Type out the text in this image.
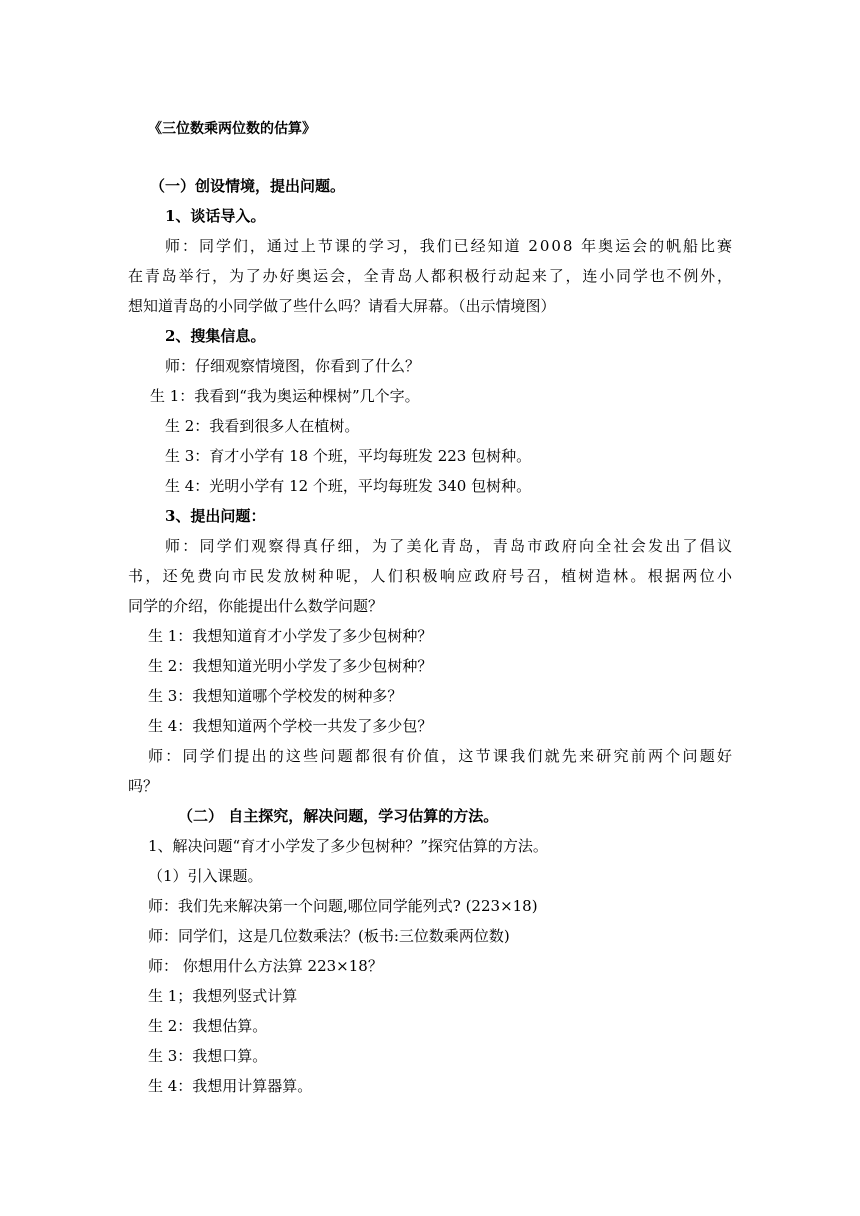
《三位数乘两位数的估算》
（一）创设情境，提出问题。
1、谈话导入。
师：同学们，通过上节课的学习，我们已经知道 2008 年奥运会的帆船比赛
在青岛举行，为了办好奥运会，全青岛人都积极行动起来了，连小同学也不例外，
想知道青岛的小同学做了些什么吗？请看大屏幕。（出示情境图）
2、搜集信息。
师：仔细观察情境图，你看到了什么？
生 1：我看到“我为奥运种棵树”几个字。
生 2：我看到很多人在植树。
生 3：育才小学有 18 个班，平均每班发 223 包树种。
生 4：光明小学有 12 个班，平均每班发 340 包树种。
3、提出问题：
师：同学们观察得真仔细，为了美化青岛，青岛市政府向全社会发出了倡议
书，还免费向市民发放树种呢，人们积极响应政府号召，植树造林。根据两位小
同学的介绍，你能提出什么数学问题？
生 1：我想知道育才小学发了多少包树种？
生 2：我想知道光明小学发了多少包树种？
生 3：我想知道哪个学校发的树种多？
生 4：我想知道两个学校一共发了多少包？
师：同学们提出的这些问题都很有价值，这节课我们就先来研究前两个问题好
吗？
（二） 自主探究，解决问题，学习估算的方法。
1、解决问题“育才小学发了多少包树种？”探究估算的方法。
（1）引入课题。
师：我们先来解决第一个问题,哪位同学能列式? (223×18)
师：同学们，这是几位数乘法？(板书:三位数乘两位数)
师： 你想用什么方法算 223×18？
生 1；我想列竖式计算
生 2：我想估算。
生 3：我想口算。
生 4：我想用计算器算。
